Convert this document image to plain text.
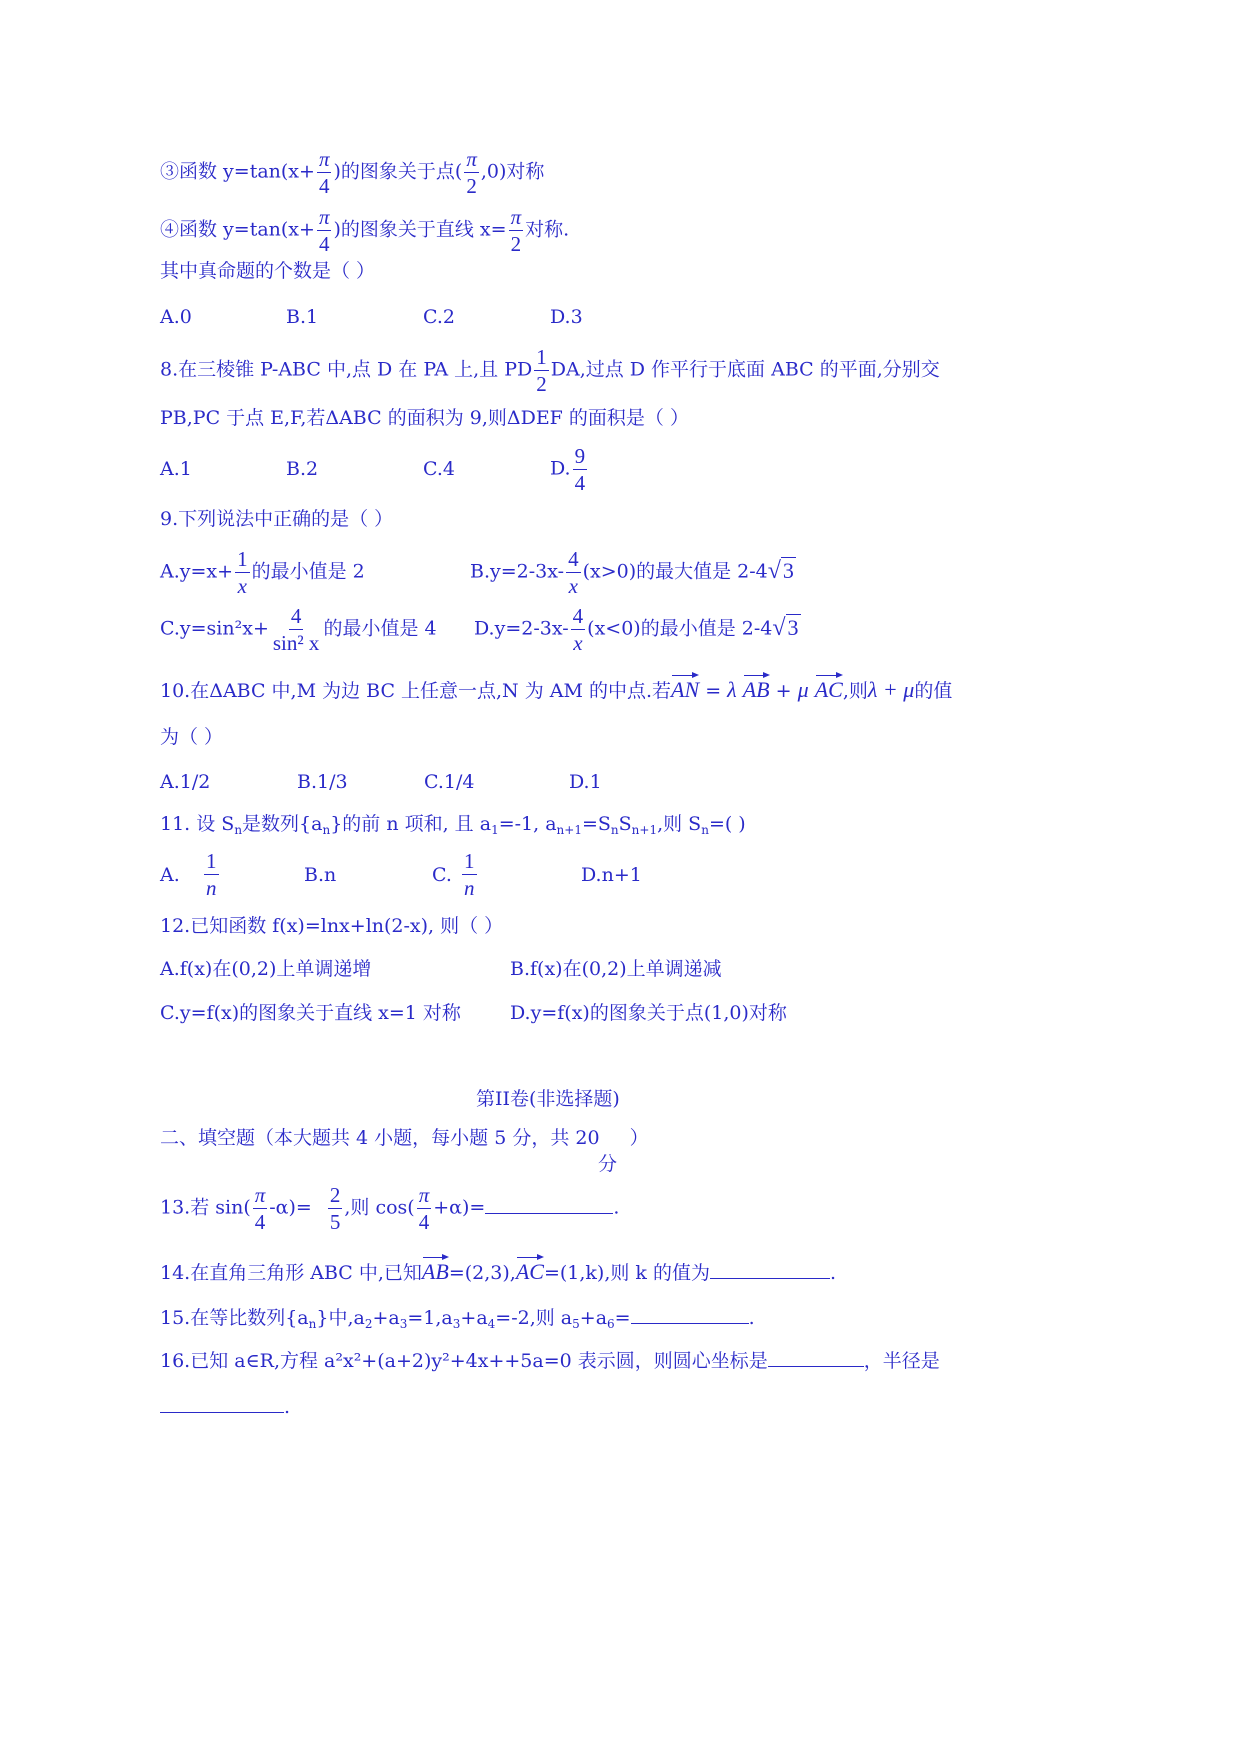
③函数 $y=\tan(x+ \frac{\pi}{4}$ )的图象关于点( $\frac{\pi}{2} ,0$)对称
④函数 $y=\tan(x+ \frac{\pi}{4}$ )的图象关于直线 $x= \frac{\pi}{2}$ 对称.
其中真命题的个数是（ ）
A.0	B.1	C.2	D.3
8.在三棱锥 P-ABC 中,点 D 在 PA 上,且 PD $\frac{1}{2}$ DA,过点 D 作平行于底面 ABC 的平面,分别交
PB,PC 于点 E,F,若ΔABC 的面积为 9,则ΔDEF 的面积是（ ）
A.1	B.2	C.4	D. $\frac{9}{4}$
9.下列说法中正确的是（ ）
$A.y=x+ \frac{1}{x}$ 的最小值是 2	$B.y=2-3x- \frac{4}{x} (x>0)$的最大值是 2-4√3
$C.y=\sin^2x+ \frac{4}{\text{sin² x}}$ 的最小值是 4 $D.y=2-3x- \frac{4}{x} (x<0)$的最小值是 2-4√3
10.在ΔABC 中,M 为边 BC 上任意一点,N 为 AM 的中点.若AN = λ AB + μ AC,则λ + μ的值
为（ ）
A.1/2	B.1/3	C.1/4	D.1
11. 设 $S_n$是数列$\{a_n\}$的前 n 项和, 且 $a_1=-1$, $a_{n+1}=S_nS_{n+1}$,则 $S_n=$( )
A. $\frac{1}{n}$	B.n	C. $\frac{1}{n}$	D.n+1
12.已知函数 f(x)=lnx+ln(2-x), 则（ ）
A.f(x)在(0,2)上单调递增	B.f(x)在(0,2)上单调递减
C.y=f(x)的图象关于直线 x=1 对称	D.y=f(x)的图象关于点(1,0)对称
第II卷(非选择题)
二、填空题（本大题共 4 小题，每小题 5 分，共 20 ）
分
13.若 $\sin( \frac{\pi}{4} -\alpha)= \frac{2}{5}$ ,则 $\cos( \frac{\pi}{4} +\alpha)=$	.
14.在直角三角形 ABC 中,已知AB=(2,3),AC=(1,k),则 k 的值为	.
15.在等比数列$\{a_n\}$中$,a_2+a_3=1,a_3+a_4=-2$,则 $a_5+a_6=$	.
16.已知 a∈R,方程 a²x²+(a+2)y²+4x++5a=0 表示圆，则圆心坐标是	，半径是
.
